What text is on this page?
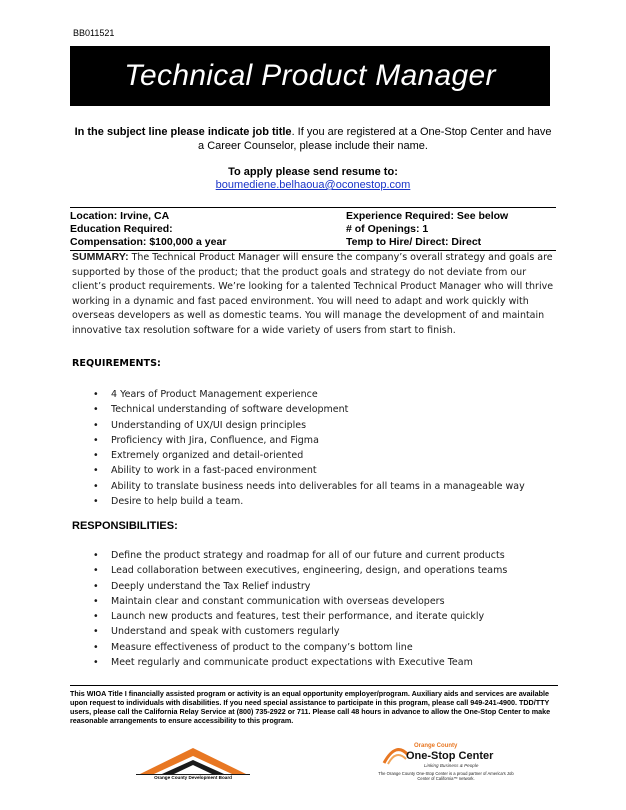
BB011521
Technical Product Manager
In the subject line please indicate job title. If you are registered at a One-Stop Center and have a Career Counselor, please include their name.
To apply please send resume to:
boumediene.belhaoua@oconestop.com
Location: Irvine, CA	Experience Required: See below
Education Required:	# of Openings: 1
Compensation: $100,000 a year	Temp to Hire/ Direct: Direct
SUMMARY: The Technical Product Manager will ensure the company’s overall strategy and goals are supported by those of the product; that the product goals and strategy do not deviate from our client’s product requirements. We’re looking for a talented Technical Product Manager who will thrive working in a dynamic and fast paced environment. You will need to adapt and work quickly with overseas developers as well as domestic teams. You will manage the development of and maintain innovative tax resolution software for a wide variety of users from start to finish.
REQUIREMENTS:
• 4 Years of Product Management experience
• Technical understanding of software development
• Understanding of UX/UI design principles
• Proficiency with Jira, Confluence, and Figma
• Extremely organized and detail-oriented
• Ability to work in a fast-paced environment
• Ability to translate business needs into deliverables for all teams in a manageable way
• Desire to help build a team.
RESPONSIBILITIES:
• Define the product strategy and roadmap for all of our future and current products
• Lead collaboration between executives, engineering, design, and operations teams
• Deeply understand the Tax Relief industry
• Maintain clear and constant communication with overseas developers
• Launch new products and features, test their performance, and iterate quickly
• Understand and speak with customers regularly
• Measure effectiveness of product to the company’s bottom line
• Meet regularly and communicate product expectations with Executive Team
This WIOA Title I financially assisted program or activity is an equal opportunity employer/program. Auxiliary aids and services are available upon request to individuals with disabilities. If you need special assistance to participate in this program, please call 949-241-4900. TDD/TTY users, please call the California Relay Service at (800) 735-2922 or 711. Please call 48 hours in advance to allow the One-Stop Center to make reasonable arrangements to ensure accessibility to this program.
Orange County Development Board
Orange County
One-Stop Center
Linking Business & People
The Orange County One-Stop Center is a proud partner of America’s Job Center of California™ network.
